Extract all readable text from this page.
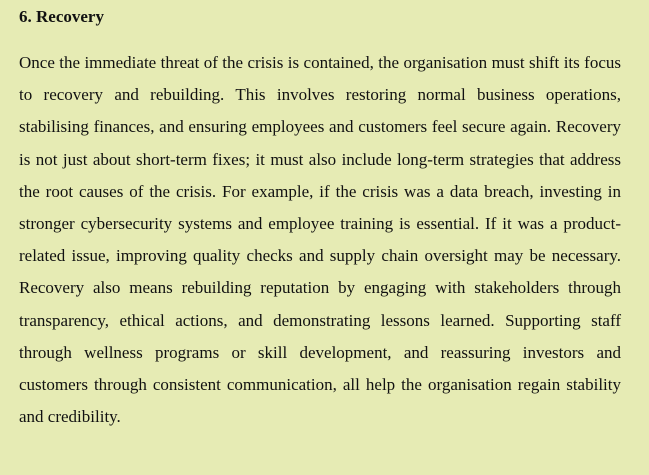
6. Recovery

Once the immediate threat of the crisis is contained, the organisation must shift its focus to recovery and rebuilding. This involves restoring normal business operations, stabilising finances, and ensuring employees and customers feel secure again. Recovery is not just about short-term fixes; it must also include long-term strategies that address the root causes of the crisis. For example, if the crisis was a data breach, investing in stronger cybersecurity systems and employee training is essential. If it was a product-related issue, improving quality checks and supply chain oversight may be necessary. Recovery also means rebuilding reputation by engaging with stakeholders through transparency, ethical actions, and demonstrating lessons learned. Supporting staff through wellness programs or skill development, and reassuring investors and customers through consistent communication, all help the organisation regain stability and credibility.
